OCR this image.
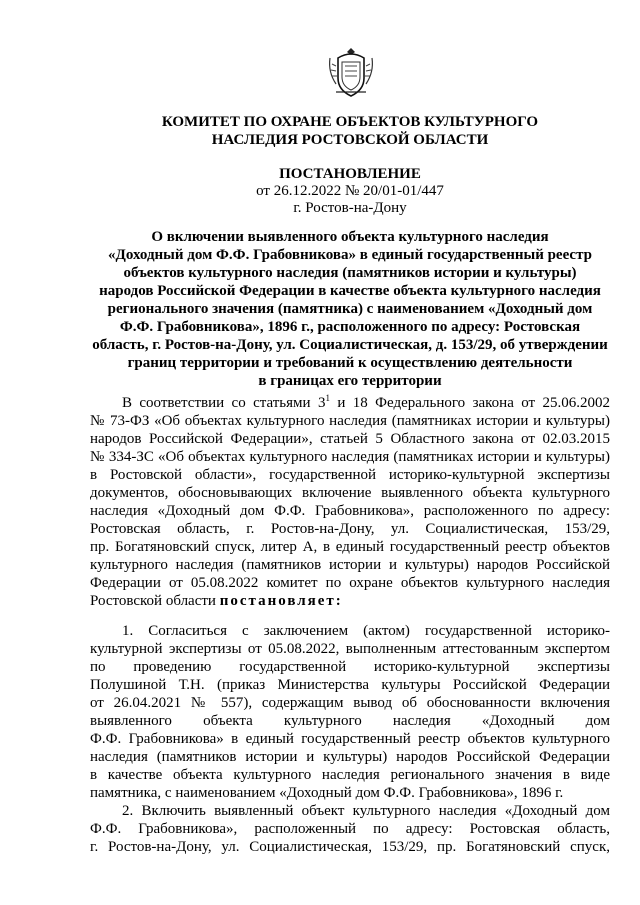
КОМИТЕТ ПО ОХРАНЕ ОБЪЕКТОВ КУЛЬТУРНОГО
НАСЛЕДИЯ РОСТОВСКОЙ ОБЛАСТИ
ПОСТАНОВЛЕНИЕ
от 26.12.2022 № 20/01-01/447
г. Ростов-на-Дону
О включении выявленного объекта культурного наследия
«Доходный дом Ф.Ф. Грабовникова» в единый государственный реестр
объектов культурного наследия (памятников истории и культуры)
народов Российской Федерации в качестве объекта культурного наследия
регионального значения (памятника) с наименованием «Доходный дом
Ф.Ф. Грабовникова», 1896 г., расположенного по адресу: Ростовская
область, г. Ростов-на-Дону, ул. Социалистическая, д. 153/29, об утверждении
границ территории и требований к осуществлению деятельности
в границах его территории
В соответствии со статьями $3^1$ и 18 Федерального закона от 25.06.2002
№ 73-ФЗ «Об объектах культурного наследия (памятниках истории и культуры)
народов Российской Федерации», статьей 5 Областного закона от 02.03.2015
№ 334-ЗС «Об объектах культурного наследия (памятниках истории и культуры)
в Ростовской области», государственной историко-культурной экспертизы
документов, обосновывающих включение выявленного объекта культурного
наследия «Доходный дом Ф.Ф. Грабовникова», расположенного по адресу:
Ростовская область, г. Ростов-на-Дону, ул. Социалистическая, 153/29,
пр. Богатяновский спуск, литер А, в единый государственный реестр объектов
культурного наследия (памятников истории и культуры) народов Российской
Федерации от 05.08.2022 комитет по охране объектов культурного наследия
Ростовской области постановляет:
1. Согласиться с заключением (актом) государственной историко-
культурной экспертизы от 05.08.2022, выполненным аттестованным экспертом
по проведению государственной историко-культурной экспертизы
Полушиной Т.Н. (приказ Министерства культуры Российской Федерации
от 26.04.2021 № 557), содержащим вывод об обоснованности включения
выявленного объекта культурного наследия «Доходный дом
Ф.Ф. Грабовникова» в единый государственный реестр объектов культурного
наследия (памятников истории и культуры) народов Российской Федерации
в качестве объекта культурного наследия регионального значения в виде
памятника, с наименованием «Доходный дом Ф.Ф. Грабовникова», 1896 г.
2. Включить выявленный объект культурного наследия «Доходный дом
Ф.Ф. Грабовникова», расположенный по адресу: Ростовская область,
г. Ростов-на-Дону, ул. Социалистическая, 153/29, пр. Богатяновский спуск,
